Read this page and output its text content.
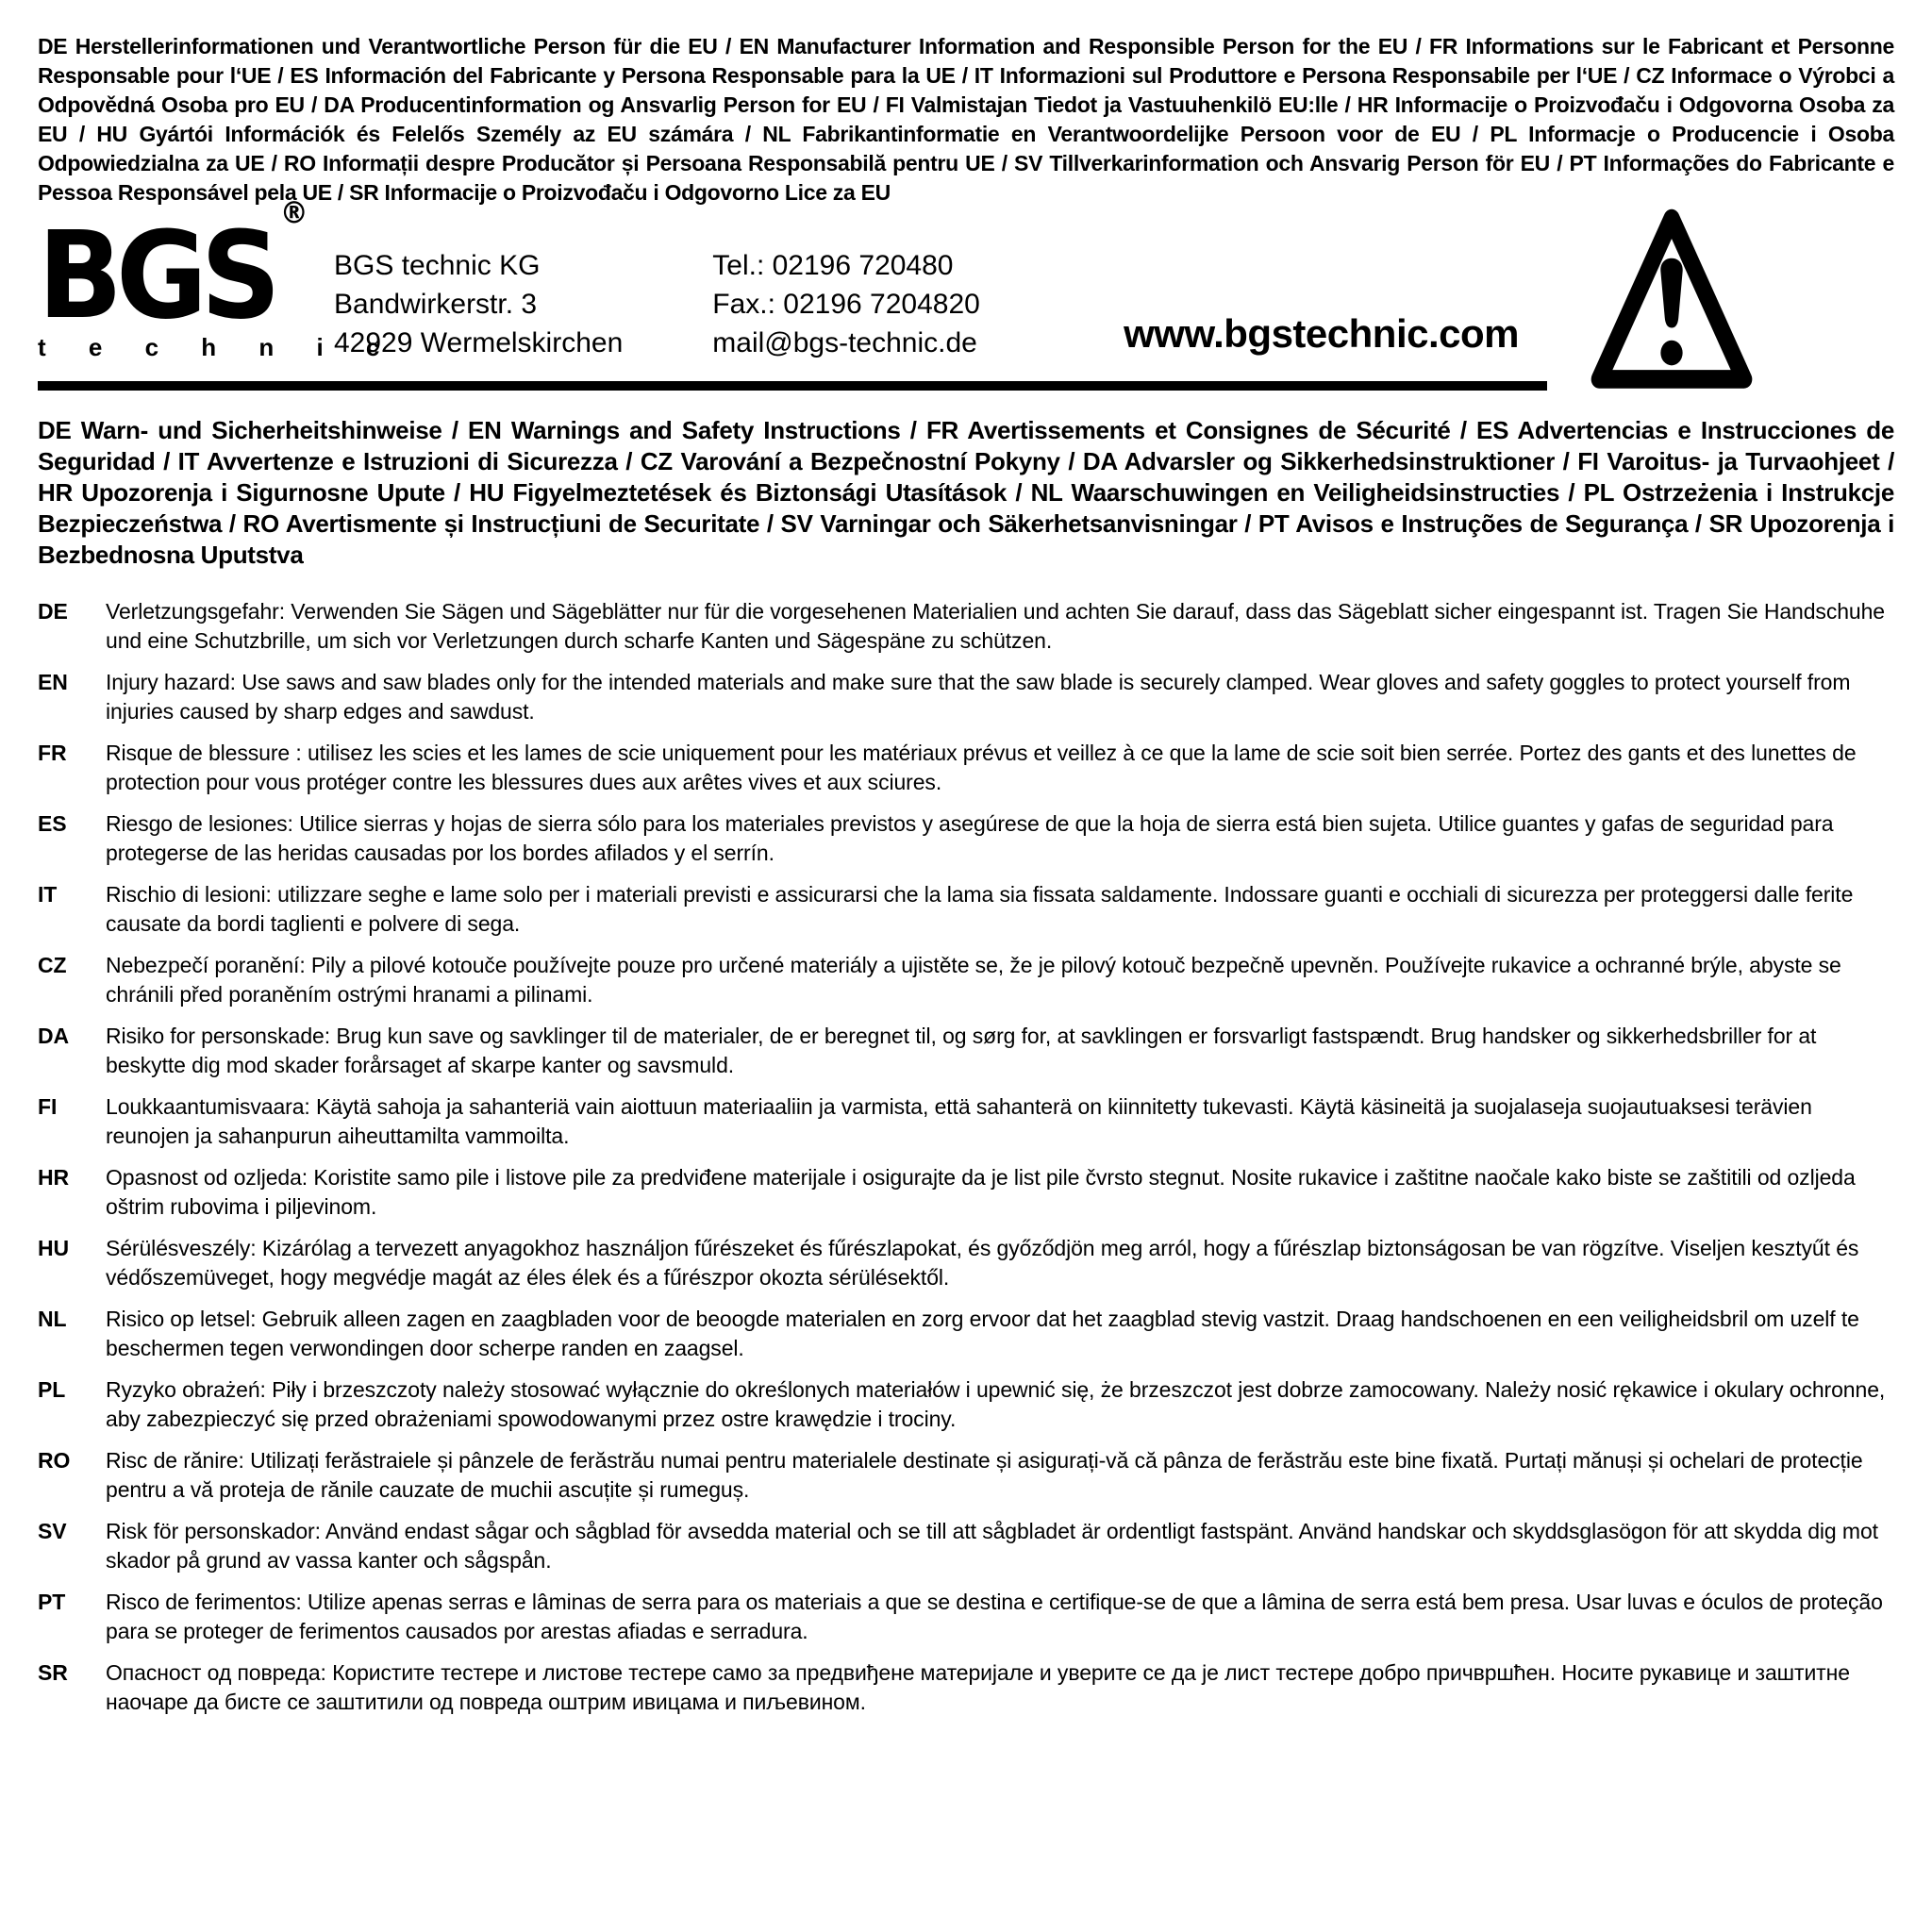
DE Herstellerinformationen und Verantwortliche Person für die EU / EN Manufacturer Information and Responsible Person for the EU / FR Informations sur le Fabricant et Personne Responsable pour l‘UE / ES Información del Fabricante y Persona Responsable para la UE / IT Informazioni sul Produttore e Persona Responsabile per l‘UE / CZ Informace o Výrobci a Odpovědná Osoba pro EU / DA Producentinformation og Ansvarlig Person for EU / FI Valmistajan Tiedot ja Vastuuhenkilö EU:lle / HR Informacije o Proizvođaču i Odgovorna Osoba za EU / HU Gyártói Információk és Felelős Személy az EU számára / NL Fabrikantinformatie en Verantwoordelijke Persoon voor de EU / PL Informacje o Producencie i Osoba Odpowiedzialna za UE / RO Informații despre Producător și Persoana Responsabilă pentru UE / SV Tillverkarinformation och Ansvarig Person för EU / PT Informações do Fabricante e Pessoa Responsável pela UE / SR Informacije o Proizvođaču i Odgovorno Lice za EU
BGS ®
t e c h n i c
BGS technic KG
Bandwirkerstr. 3
42929 Wermelskirchen
Tel.: 02196 720480
Fax.: 02196 7204820
mail@bgs-technic.de	www.bgstechnic.com
DE Warn- und Sicherheitshinweise / EN Warnings and Safety Instructions / FR Avertissements et Consignes de Sécurité / ES Advertencias e Instrucciones de Seguridad / IT Avvertenze e Istruzioni di Sicurezza / CZ Varování a Bezpečnostní Pokyny / DA Advarsler og Sikkerhedsinstruktioner / FI Varoitus- ja Turvaohjeet / HR Upozorenja i Sigurnosne Upute / HU Figyelmeztetések és Biztonsági Utasítások / NL Waarschuwingen en Veiligheidsinstructies / PL Ostrzeżenia i Instrukcje Bezpieczeństwa / RO Avertismente și Instrucțiuni de Securitate / SV Varningar och Säkerhetsanvisningar / PT Avisos e Instruções de Segurança / SR Upozorenja i Bezbednosna Uputstva
DE	Verletzungsgefahr: Verwenden Sie Sägen und Sägeblätter nur für die vorgesehenen Materialien und achten Sie darauf, dass das Sägeblatt sicher eingespannt ist. Tragen Sie Handschuhe und eine Schutzbrille, um sich vor Verletzungen durch scharfe Kanten und Sägespäne zu schützen.
EN	Injury hazard: Use saws and saw blades only for the intended materials and make sure that the saw blade is securely clamped. Wear gloves and safety goggles to protect yourself from injuries caused by sharp edges and sawdust.
FR	Risque de blessure : utilisez les scies et les lames de scie uniquement pour les matériaux prévus et veillez à ce que la lame de scie soit bien serrée. Portez des gants et des lunettes de protection pour vous protéger contre les blessures dues aux arêtes vives et aux sciures.
ES	Riesgo de lesiones: Utilice sierras y hojas de sierra sólo para los materiales previstos y asegúrese de que la hoja de sierra está bien sujeta. Utilice guantes y gafas de seguridad para protegerse de las heridas causadas por los bordes afilados y el serrín.
IT	Rischio di lesioni: utilizzare seghe e lame solo per i materiali previsti e assicurarsi che la lama sia fissata saldamente. Indossare guanti e occhiali di sicurezza per proteggersi dalle ferite causate da bordi taglienti e polvere di sega.
CZ	Nebezpečí poranění: Pily a pilové kotouče používejte pouze pro určené materiály a ujistěte se, že je pilový kotouč bezpečně upevněn. Používejte rukavice a ochranné brýle, abyste se chránili před poraněním ostrými hranami a pilinami.
DA	Risiko for personskade: Brug kun save og savklinger til de materialer, de er beregnet til, og sørg for, at savklingen er forsvarligt fastspændt. Brug handsker og sikkerhedsbriller for at beskytte dig mod skader forårsaget af skarpe kanter og savsmuld.
FI	Loukkaantumisvaara: Käytä sahoja ja sahanteriä vain aiottuun materiaaliin ja varmista, että sahanterä on kiinnitetty tukevasti. Käytä käsineitä ja suojalaseja suojautuaksesi terävien reunojen ja sahanpurun aiheuttamilta vammoilta.
HR	Opasnost od ozljeda: Koristite samo pile i listove pile za predviđene materijale i osigurajte da je list pile čvrsto stegnut. Nosite rukavice i zaštitne naočale kako biste se zaštitili od ozljeda oštrim rubovima i piljevinom.
HU	Sérülésveszély: Kizárólag a tervezett anyagokhoz használjon fűrészeket és fűrészlapokat, és győződjön meg arról, hogy a fűrészlap biztonságosan be van rögzítve. Viseljen kesztyűt és védőszemüveget, hogy megvédje magát az éles élek és a fűrészpor okozta sérülésektől.
NL	Risico op letsel: Gebruik alleen zagen en zaagbladen voor de beoogde materialen en zorg ervoor dat het zaagblad stevig vastzit. Draag handschoenen en een veiligheidsbril om uzelf te beschermen tegen verwondingen door scherpe randen en zaagsel.
PL	Ryzyko obrażeń: Piły i brzeszczoty należy stosować wyłącznie do określonych materiałów i upewnić się, że brzeszczot jest dobrze zamocowany. Należy nosić rękawice i okulary ochronne, aby zabezpieczyć się przed obrażeniami spowodowanymi przez ostre krawędzie i trociny.
RO	Risc de rănire: Utilizați ferăstraiele și pânzele de ferăstrău numai pentru materialele destinate și asigurați-vă că pânza de ferăstrău este bine fixată. Purtați mănuși și ochelari de protecție pentru a vă proteja de rănile cauzate de muchii ascuțite și rumeguș.
SV	Risk för personskador: Använd endast sågar och sågblad för avsedda material och se till att sågbladet är ordentligt fastspänt. Använd handskar och skyddsglasögon för att skydda dig mot skador på grund av vassa kanter och sågspån.
PT	Risco de ferimentos: Utilize apenas serras e lâminas de serra para os materiais a que se destina e certifique-se de que a lâmina de serra está bem presa. Usar luvas e óculos de proteção para se proteger de ferimentos causados por arestas afiadas e serradura.
SR	Опасност од повреда: Користите тестере и листове тестере само за предвиђене материјале и уверите се да је лист тестере добро причвршћен. Носите рукавице и заштитне наочаре да бисте се заштитили од повреда оштрим ивицама и пиљевином.
